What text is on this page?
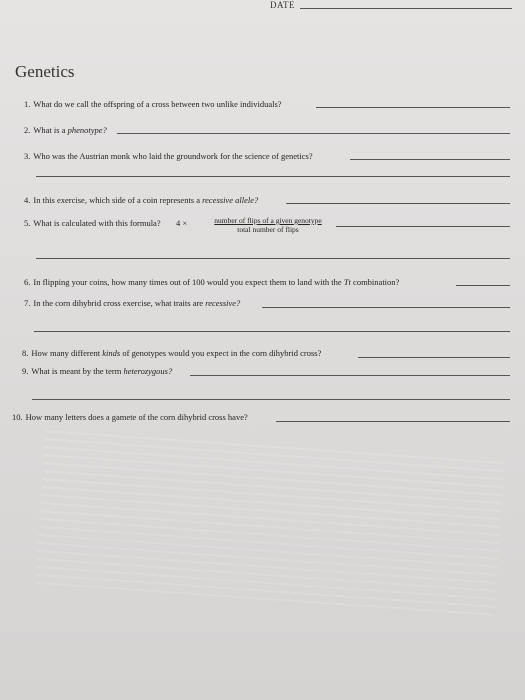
DATE
Genetics
1. What do we call the offspring of a cross between two unlike individuals?
2. What is a phenotype?
3. Who was the Austrian monk who laid the groundwork for the science of genetics?
4. In this exercise, which side of a coin represents a recessive allele?
5. What is calculated with this formula? 4 ×	number of flips of a given genotype
total number of flips
6. In flipping your coins, how many times out of 100 would you expect them to land with the Tt combination?
7. In the corn dihybrid cross exercise, what traits are recessive?
8. How many different kinds of genotypes would you expect in the corn dihybrid cross?
9. What is meant by the term heterozygous?
10. How many letters does a gamete of the corn dihybrid cross have?
